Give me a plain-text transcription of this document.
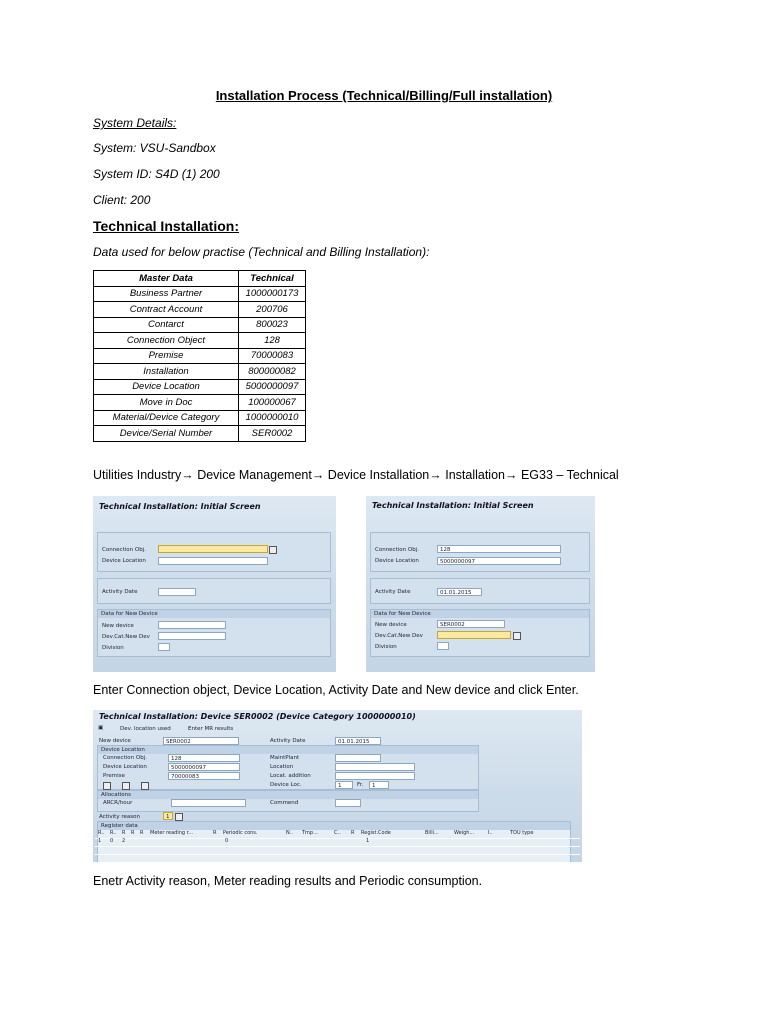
Installation Process (Technical/Billing/Full installation)
System Details:
System: VSU-Sandbox
System ID: S4D (1) 200
Client: 200
Technical Installation:
Data used for below practise (Technical and Billing Installation):
Master Data	Technical
Business Partner	1000000173
Contract Account	200706
Contarct	800023
Connection Object	128
Premise	70000083
Installation	800000082
Device Location	5000000097
Move in Doc	100000067
Material/Device Category	1000000010
Device/Serial Number	SER0002
Utilities Industry→ Device Management→ Device Installation→ Installation→ EG33 – Technical
Technical Installation: Initial Screen
Connection Obj.
Device Location
Activity Date
Data for New Device
New device
Dev.Cat.New Dev
Division
Technical Installation: Initial Screen
Connection Obj.	128
Device Location	5000000097
Activity Date	01.01.2015
Data for New Device
New device	SER0002
Dev.Cat.New Dev
Division
Enter Connection object, Device Location, Activity Date and New device and click Enter.
Technical Installation: Device SER0002 (Device Category 1000000010)
▣	Dev. location used	Enter MR results
New device	SER0002	Activity Date	01.01.2015
Device Location
Connection Obj.	128
Device Location	5000000097
Premise	70000083
MaintPlant
Location
Locat. addition
Device Loc.	1	Fr.	1
Allocations
ARCR/hour	Commend
Activity reason	1
Register data
R.. R.. R R R Meter reading r...	R Periodic cons.	N.. Tmp...	C.. R Regist.Code	Billi...	Weigh...	I..	TOU type
1 0 2	0	1
Enetr Activity reason, Meter reading results and Periodic consumption.
